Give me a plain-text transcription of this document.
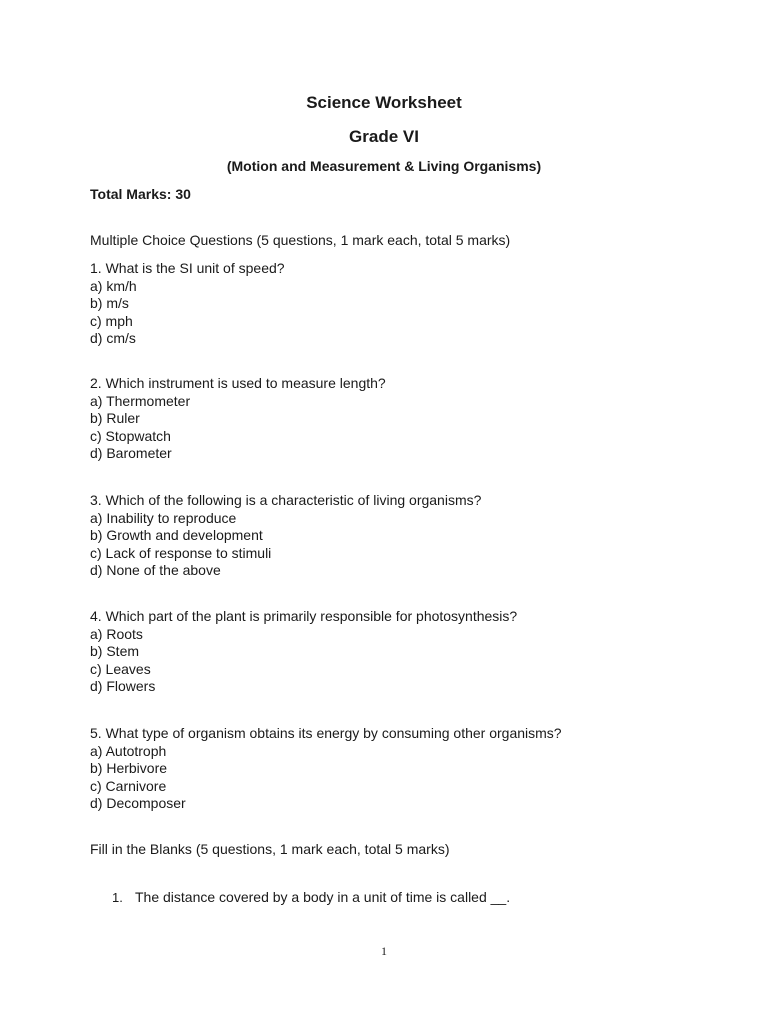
Science Worksheet
Grade VI
(Motion and Measurement & Living Organisms)
Total Marks: 30
Multiple Choice Questions (5 questions, 1 mark each, total 5 marks)
1. What is the SI unit of speed?
a) km/h
b) m/s
c) mph
d) cm/s
2. Which instrument is used to measure length?
a) Thermometer
b) Ruler
c) Stopwatch
d) Barometer
3. Which of the following is a characteristic of living organisms?
a) Inability to reproduce
b) Growth and development
c) Lack of response to stimuli
d) None of the above
4. Which part of the plant is primarily responsible for photosynthesis?
a) Roots
b) Stem
c) Leaves
d) Flowers
5. What type of organism obtains its energy by consuming other organisms?
a) Autotroph
b) Herbivore
c) Carnivore
d) Decomposer
Fill in the Blanks (5 questions, 1 mark each, total 5 marks)
1. The distance covered by a body in a unit of time is called __.
1
